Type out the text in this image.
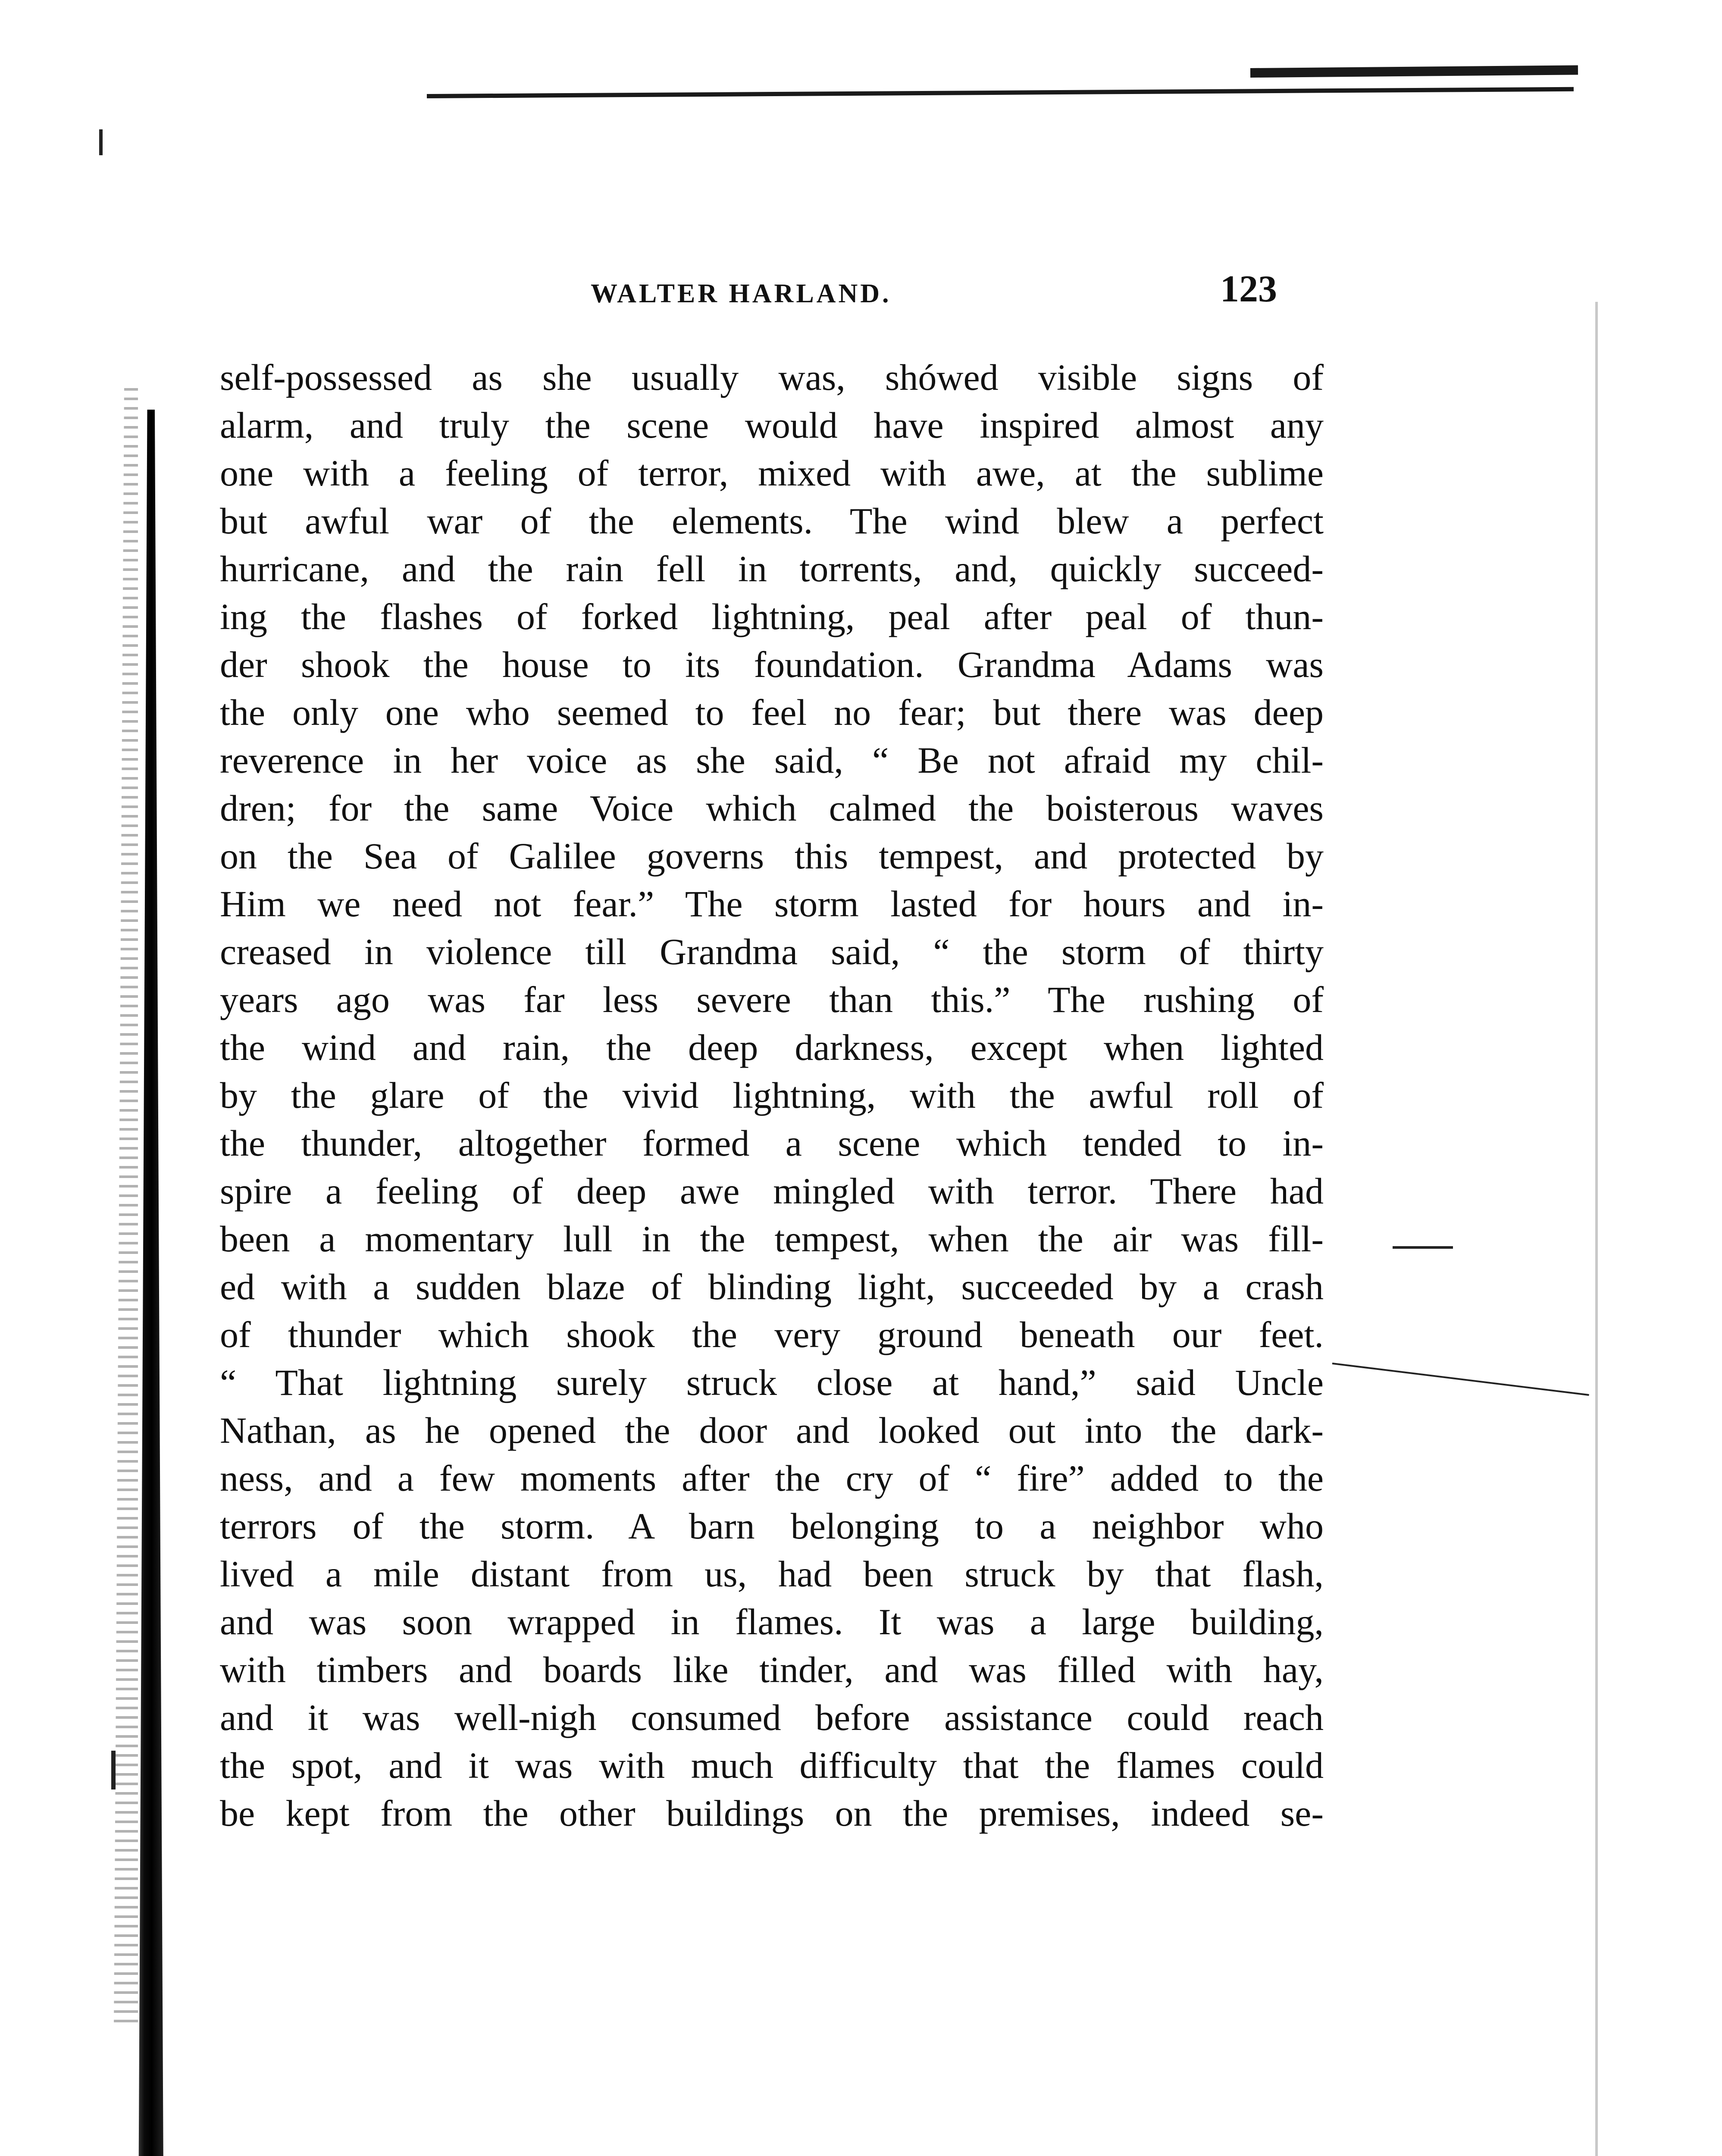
WALTER HARLAND.	123
self-possessed as she usually was, shówed visible signs of
alarm, and truly the scene would have inspired almost any
one with a feeling of terror, mixed with awe, at the sublime
but awful war of the elements. The wind blew a perfect
hurricane, and the rain fell in torrents, and, quickly succeed-
ing the flashes of forked lightning, peal after peal of thun-
der shook the house to its foundation. Grandma Adams was
the only one who seemed to feel no fear; but there was deep
reverence in her voice as she said, “ Be not afraid my chil-
dren; for the same Voice which calmed the boisterous waves
on the Sea of Galilee governs this tempest, and protected by
Him we need not fear.” The storm lasted for hours and in-
creased in violence till Grandma said, “ the storm of thirty
years ago was far less severe than this.” The rushing of
the wind and rain, the deep darkness, except when lighted
by the glare of the vivid lightning, with the awful roll of
the thunder, altogether formed a scene which tended to in-
spire a feeling of deep awe mingled with terror. There had
been a momentary lull in the tempest, when the air was fill-
ed with a sudden blaze of blinding light, succeeded by a crash
of thunder which shook the very ground beneath our feet.
“ That lightning surely struck close at hand,” said Uncle
Nathan, as he opened the door and looked out into the dark-
ness, and a few moments after the cry of “ fire” added to the
terrors of the storm. A barn belonging to a neighbor who
lived a mile distant from us, had been struck by that flash,
and was soon wrapped in flames. It was a large building,
with timbers and boards like tinder, and was filled with hay,
and it was well-nigh consumed before assistance could reach
the spot, and it was with much difficulty that the flames could
be kept from the other buildings on the premises, indeed se-
